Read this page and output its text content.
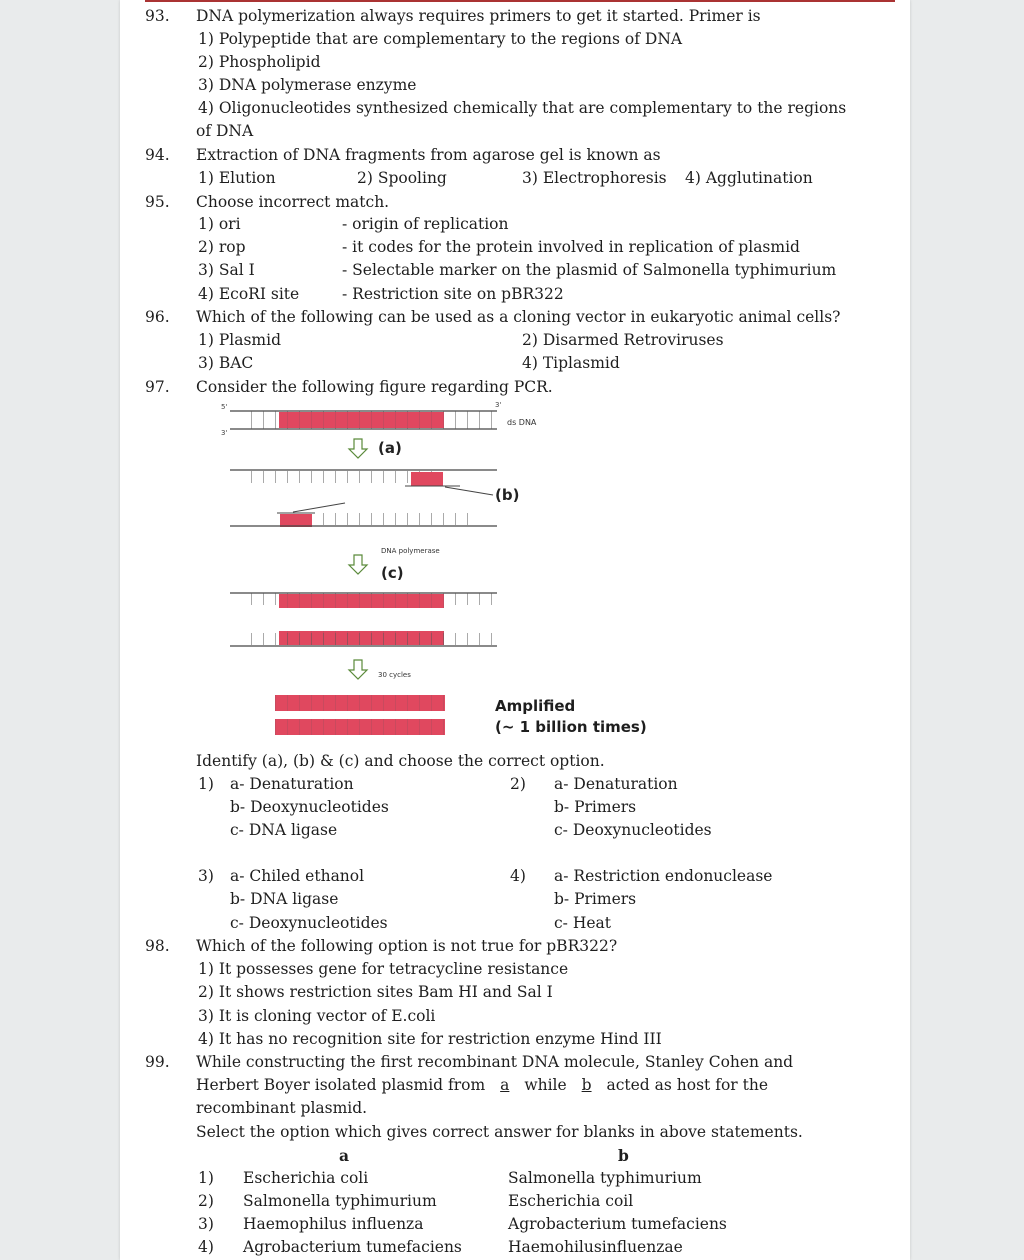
93. DNA polymerization always requires primers to get it started. Primer is
1) Polypeptide that are complementary to the regions of DNA
2) Phospholipid
3) DNA polymerase enzyme
4) Oligonucleotides synthesized chemically that are complementary to the regions
of DNA
94. Extraction of DNA fragments from agarose gel is known as
1) Elution	2) Spooling	3) Electrophoresis 4) Agglutination
95. Choose incorrect match.
1) ori	- origin of replication
2) rop	- it codes for the protein involved in replication of plasmid
3) Sal I	- Selectable marker on the plasmid of Salmonella typhimurium
4) EcoRI site	- Restriction site on pBR322
96. Which of the following can be used as a cloning vector in eukaryotic animal cells?
1) Plasmid	2) Disarmed Retroviruses
3) BAC	4) Tiplasmid
97. Consider the following figure regarding PCR.
5'
3'
3'
ds DNA
(a)
(b)
DNA polymerase
(c)
30 cycles
Amplified
(~ 1 billion times)
Identify (a), (b) & (c) and choose the correct option.
1) a- Denaturation
b- Deoxynucleotides
c- DNA ligase
2) a- Denaturation
b- Primers
c- Deoxynucleotides
3) a- Chiled ethanol
b- DNA ligase
c- Deoxynucleotides
4) a- Restriction endonuclease
b- Primers
c- Heat
98. Which of the following option is not true for pBR322?
1) It possesses gene for tetracycline resistance
2) It shows restriction sites Bam HI and Sal I
3) It is cloning vector of E.coli
4) It has no recognition site for restriction enzyme Hind III
99. While constructing the first recombinant DNA molecule, Stanley Cohen and
Herbert Boyer isolated plasmid from a while b acted as host for the
recombinant plasmid.
Select the option which gives correct answer for blanks in above statements.
a	b
1) Escherichia coli	Salmonella typhimurium
2) Salmonella typhimurium	Escherichia coil
3) Haemophilus influenza	Agrobacterium tumefaciens
4) Agrobacterium tumefaciens	Haemohilusinfluenzae
